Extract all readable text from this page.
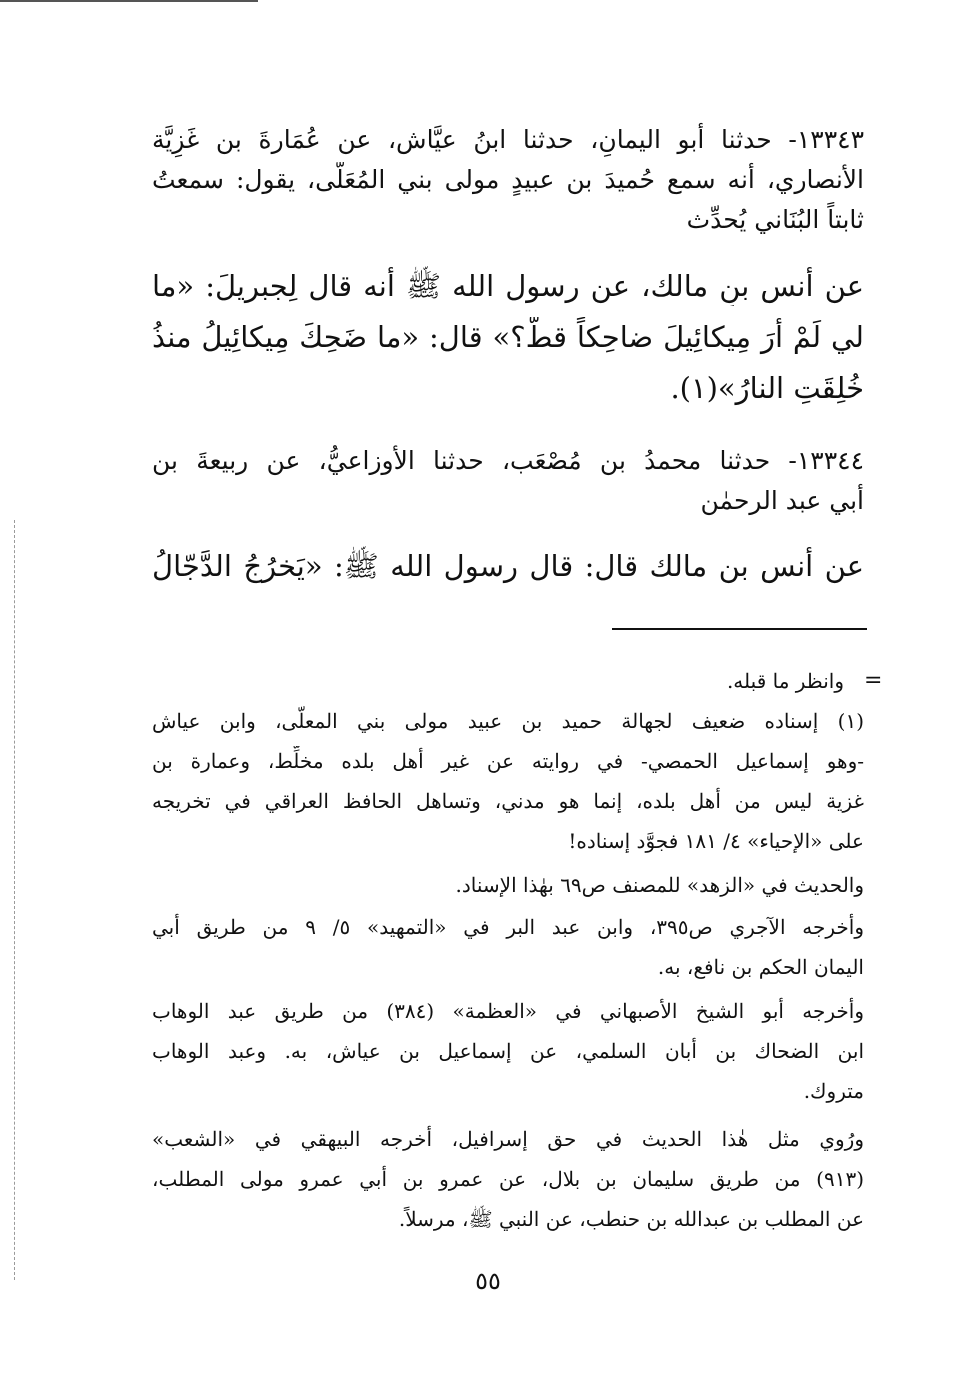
١٣٣٤٣- حدثنا أبو اليمانِ، حدثنا ابنُ عيَّاش، عن عُمَارةَ بن غَزِيَّة
الأنصاري، أنه سمع حُميدَ بن عبيدٍ مولى بني المُعَلَّى، يقول: سمعتُ
ثابتاً البُنَاني يُحدِّث
عن أنس بنِ مالك، عن رسول الله ﷺ أنه قال لِجبريلَ: «ما
لي لَمْ أرَ مِيكائِيلَ ضاحِكاً قطُّ؟» قال: «ما ضَحِكَ مِيكائِيلُ منذُ
خُلِقَتِ النارُ»(١).
١٣٣٤٤- حدثنا محمدُ بن مُصْعَب، حدثنا الأوزاعيُّ، عن ربيعةَ بن
أبي عبد الرحمٰن
عن أنس بن مالك قال: قال رسول الله ﷺ: «يَخرُجُ الدَّجّالُ
=
وانظر ما قبله.
(١) إسناده ضعيف لجهالة حميد بن عبيد مولى بني المعلَّى، وابن عياش
-وهو إسماعيل الحمصي- في روايته عن غير أهل بلده مخلِّط، وعمارة بن
غزية ليس من أهل بلده، إنما هو مدني، وتساهل الحافظ العراقي في تخريجه
على «الإحياء» ٤/ ١٨١ فجوَّد إسناده!
والحديث في «الزهد» للمصنف ص٦٩ بهٰذا الإسناد.
وأخرجه الآجري ص٣٩٥، وابن عبد البر في «التمهيد» ٥/ ٩ من طريق أبي
اليمان الحكم بن نافع، به.
وأخرجه أبو الشيخ الأصبهاني في «العظمة» (٣٨٤) من طريق عبد الوهاب
ابن الضحاك بن أبان السلمي، عن إسماعيل بن عياش، به. وعبد الوهاب
متروك.
ورُوي مثل هٰذا الحديث في حق إسرافيل، أخرجه البيهقي في «الشعب»
(٩١٣) من طريق سليمان بن بلال، عن عمرو بن أبي عمرو مولى المطلب،
عن المطلب بن عبدالله بن حنطب، عن النبي ﷺ، مرسلاً.
٥٥
